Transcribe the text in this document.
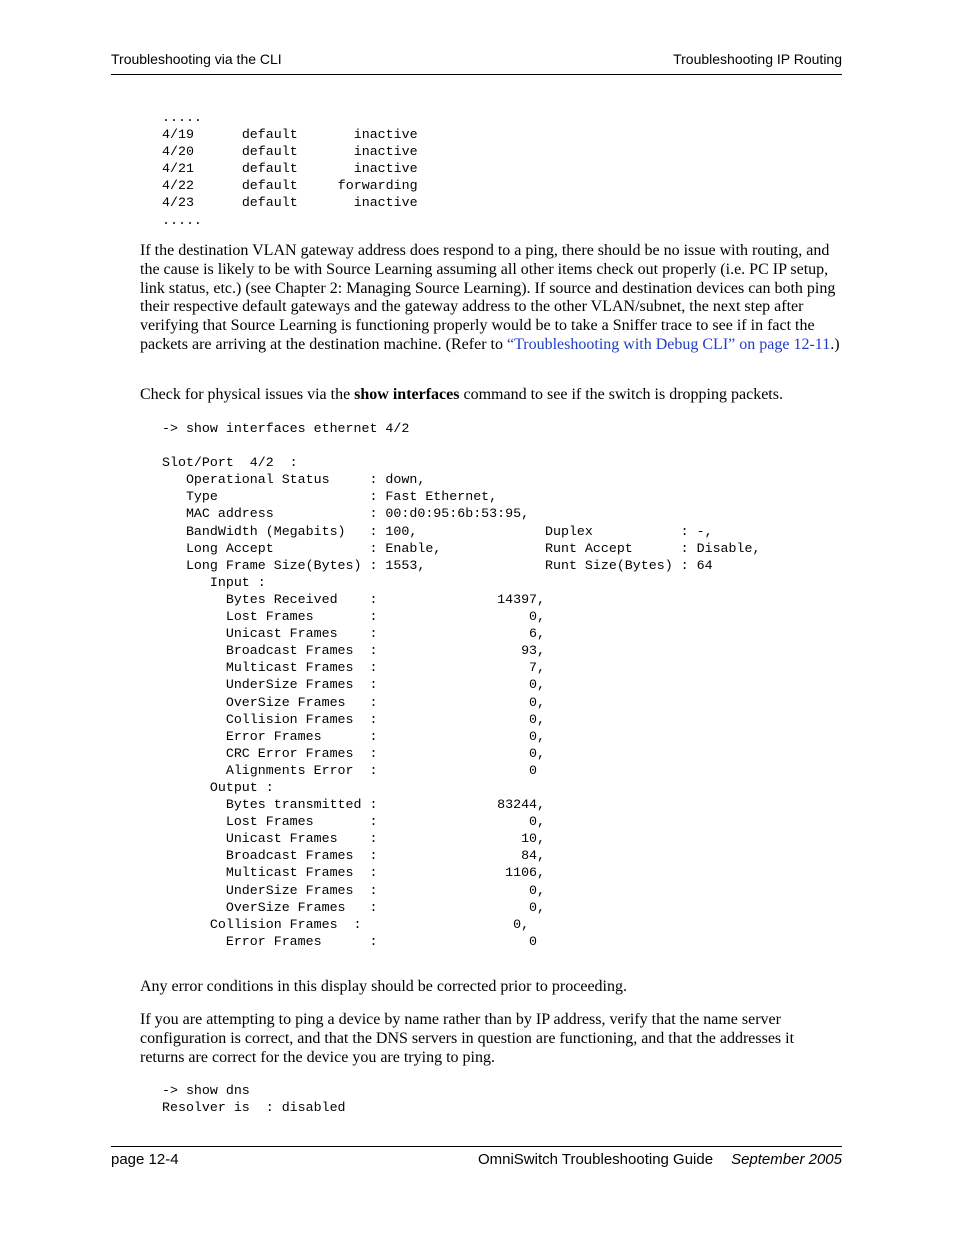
Troubleshooting via the CLI	Troubleshooting IP Routing
.....
4/19	default	inactive
4/20	default	inactive
4/21	default	inactive
4/22	default	forwarding
4/23	default	inactive
.....

If the destination VLAN gateway address does respond to a ping, there should be no issue with routing, and the cause is likely to be with Source Learning assuming all other items check out properly (i.e. PC IP setup, link status, etc.) (see Chapter 2: Managing Source Learning). If source and destination devices can both ping their respective default gateways and the gateway address to the other VLAN/subnet, the next step after verifying that Source Learning is functioning properly would be to take a Sniffer trace to see if in fact the packets are arriving at the destination machine. (Refer to “Troubleshooting with Debug CLI” on page 12-11.)

Check for physical issues via the show interfaces command to see if the switch is dropping packets.

-> show interfaces ethernet 4/2

Slot/Port  4/2  :
Operational Status     : down,
Type                   : Fast Ethernet,
MAC address            : 00:d0:95:6b:53:95,
BandWidth (Megabits)   : 100,                Duplex           : -,
Long Accept            : Enable,             Runt Accept      : Disable,
Long Frame Size(Bytes) : 1553,               Runt Size(Bytes) : 64
Input :
Bytes Received    :               14397,
Lost Frames       :                   0,
Unicast Frames    :                   6,
Broadcast Frames  :                  93,
Multicast Frames  :                   7,
UnderSize Frames  :                   0,
OverSize Frames   :                   0,
Collision Frames  :                   0,
Error Frames      :                   0,
CRC Error Frames  :                   0,
Alignments Error  :                   0
Output :
Bytes transmitted :               83244,
Lost Frames       :                   0,
Unicast Frames    :                  10,
Broadcast Frames  :                  84,
Multicast Frames  :                1106,
UnderSize Frames  :                   0,
OverSize Frames   :                   0,
Collision Frames  :                   0,
Error Frames      :                   0

Any error conditions in this display should be corrected prior to proceeding.

If you are attempting to ping a device by name rather than by IP address, verify that the name server configuration is correct, and that the DNS servers in question are functioning, and that the addresses it returns are correct for the device you are trying to ping.

-> show dns
Resolver is  : disabled
page 12-4	OmniSwitch Troubleshooting Guide September 2005
